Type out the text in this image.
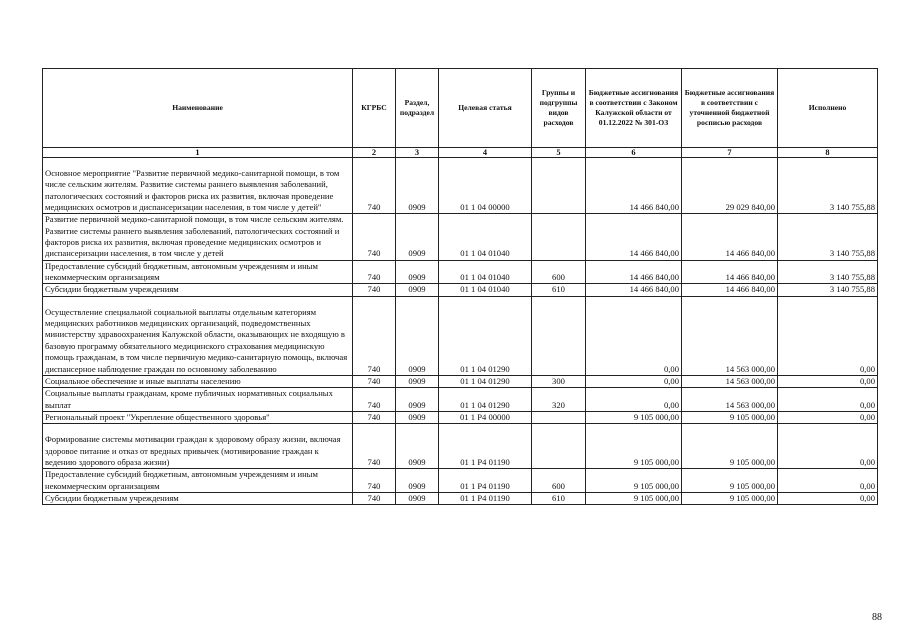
Наименование	КГРБС	Раздел, подраздел	Целевая статья	Группы и подгруппы видов расходов	Бюджетные ассигнования в соответствии с Законом Калужской области от 01.12.2022 № 301-ОЗ	Бюджетные ассигнования в соответствии с уточненной бюджетной росписью расходов	Исполнено
1	2	3	4	5	6	7	8
Основное мероприятие "Развитие первичной медико-санитарной помощи, в том числе сельским жителям. Развитие системы раннего выявления заболеваний, патологических состояний и факторов риска их развития, включая проведение медицинских осмотров и диспансеризации населения, в том числе у детей"	740	0909	01 1 04 00000		14 466 840,00	29 029 840,00	3 140 755,88
Развитие первичной медико-санитарной помощи, в том числе сельским жителям. Развитие системы раннего выявления заболеваний, патологических состояний и факторов риска их развития, включая проведение медицинских осмотров и диспансеризации населения, в том числе у детей	740	0909	01 1 04 01040		14 466 840,00	14 466 840,00	3 140 755,88
Предоставление субсидий бюджетным, автономным учреждениям и иным некоммерческим организациям	740	0909	01 1 04 01040	600	14 466 840,00	14 466 840,00	3 140 755,88
Субсидии бюджетным учреждениям	740	0909	01 1 04 01040	610	14 466 840,00	14 466 840,00	3 140 755,88
Осуществление специальной социальной выплаты отдельным категориям медицинских работников медицинских организаций, подведомственных министерству здравоохранения Калужской области, оказывающих не входящую в базовую программу обязательного медицинского страхования медицинскую помощь гражданам, в том числе первичную медико-санитарную помощь, включая диспансерное наблюдение граждан по основному заболеванию	740	0909	01 1 04 01290		0,00	14 563 000,00	0,00
Социальное обеспечение и иные выплаты населению	740	0909	01 1 04 01290	300	0,00	14 563 000,00	0,00
Социальные выплаты гражданам, кроме публичных нормативных социальных выплат	740	0909	01 1 04 01290	320	0,00	14 563 000,00	0,00
Региональный проект "Укрепление общественного здоровья"	740	0909	01 1 P4 00000		9 105 000,00	9 105 000,00	0,00
Формирование системы мотивации граждан к здоровому образу жизни, включая здоровое питание и отказ от вредных привычек (мотивирование граждан к ведению здорового образа жизни)	740	0909	01 1 P4 01190		9 105 000,00	9 105 000,00	0,00
Предоставление субсидий бюджетным, автономным учреждениям и иным некоммерческим организациям	740	0909	01 1 P4 01190	600	9 105 000,00	9 105 000,00	0,00
Субсидии бюджетным учреждениям	740	0909	01 1 P4 01190	610	9 105 000,00	9 105 000,00	0,00
88
